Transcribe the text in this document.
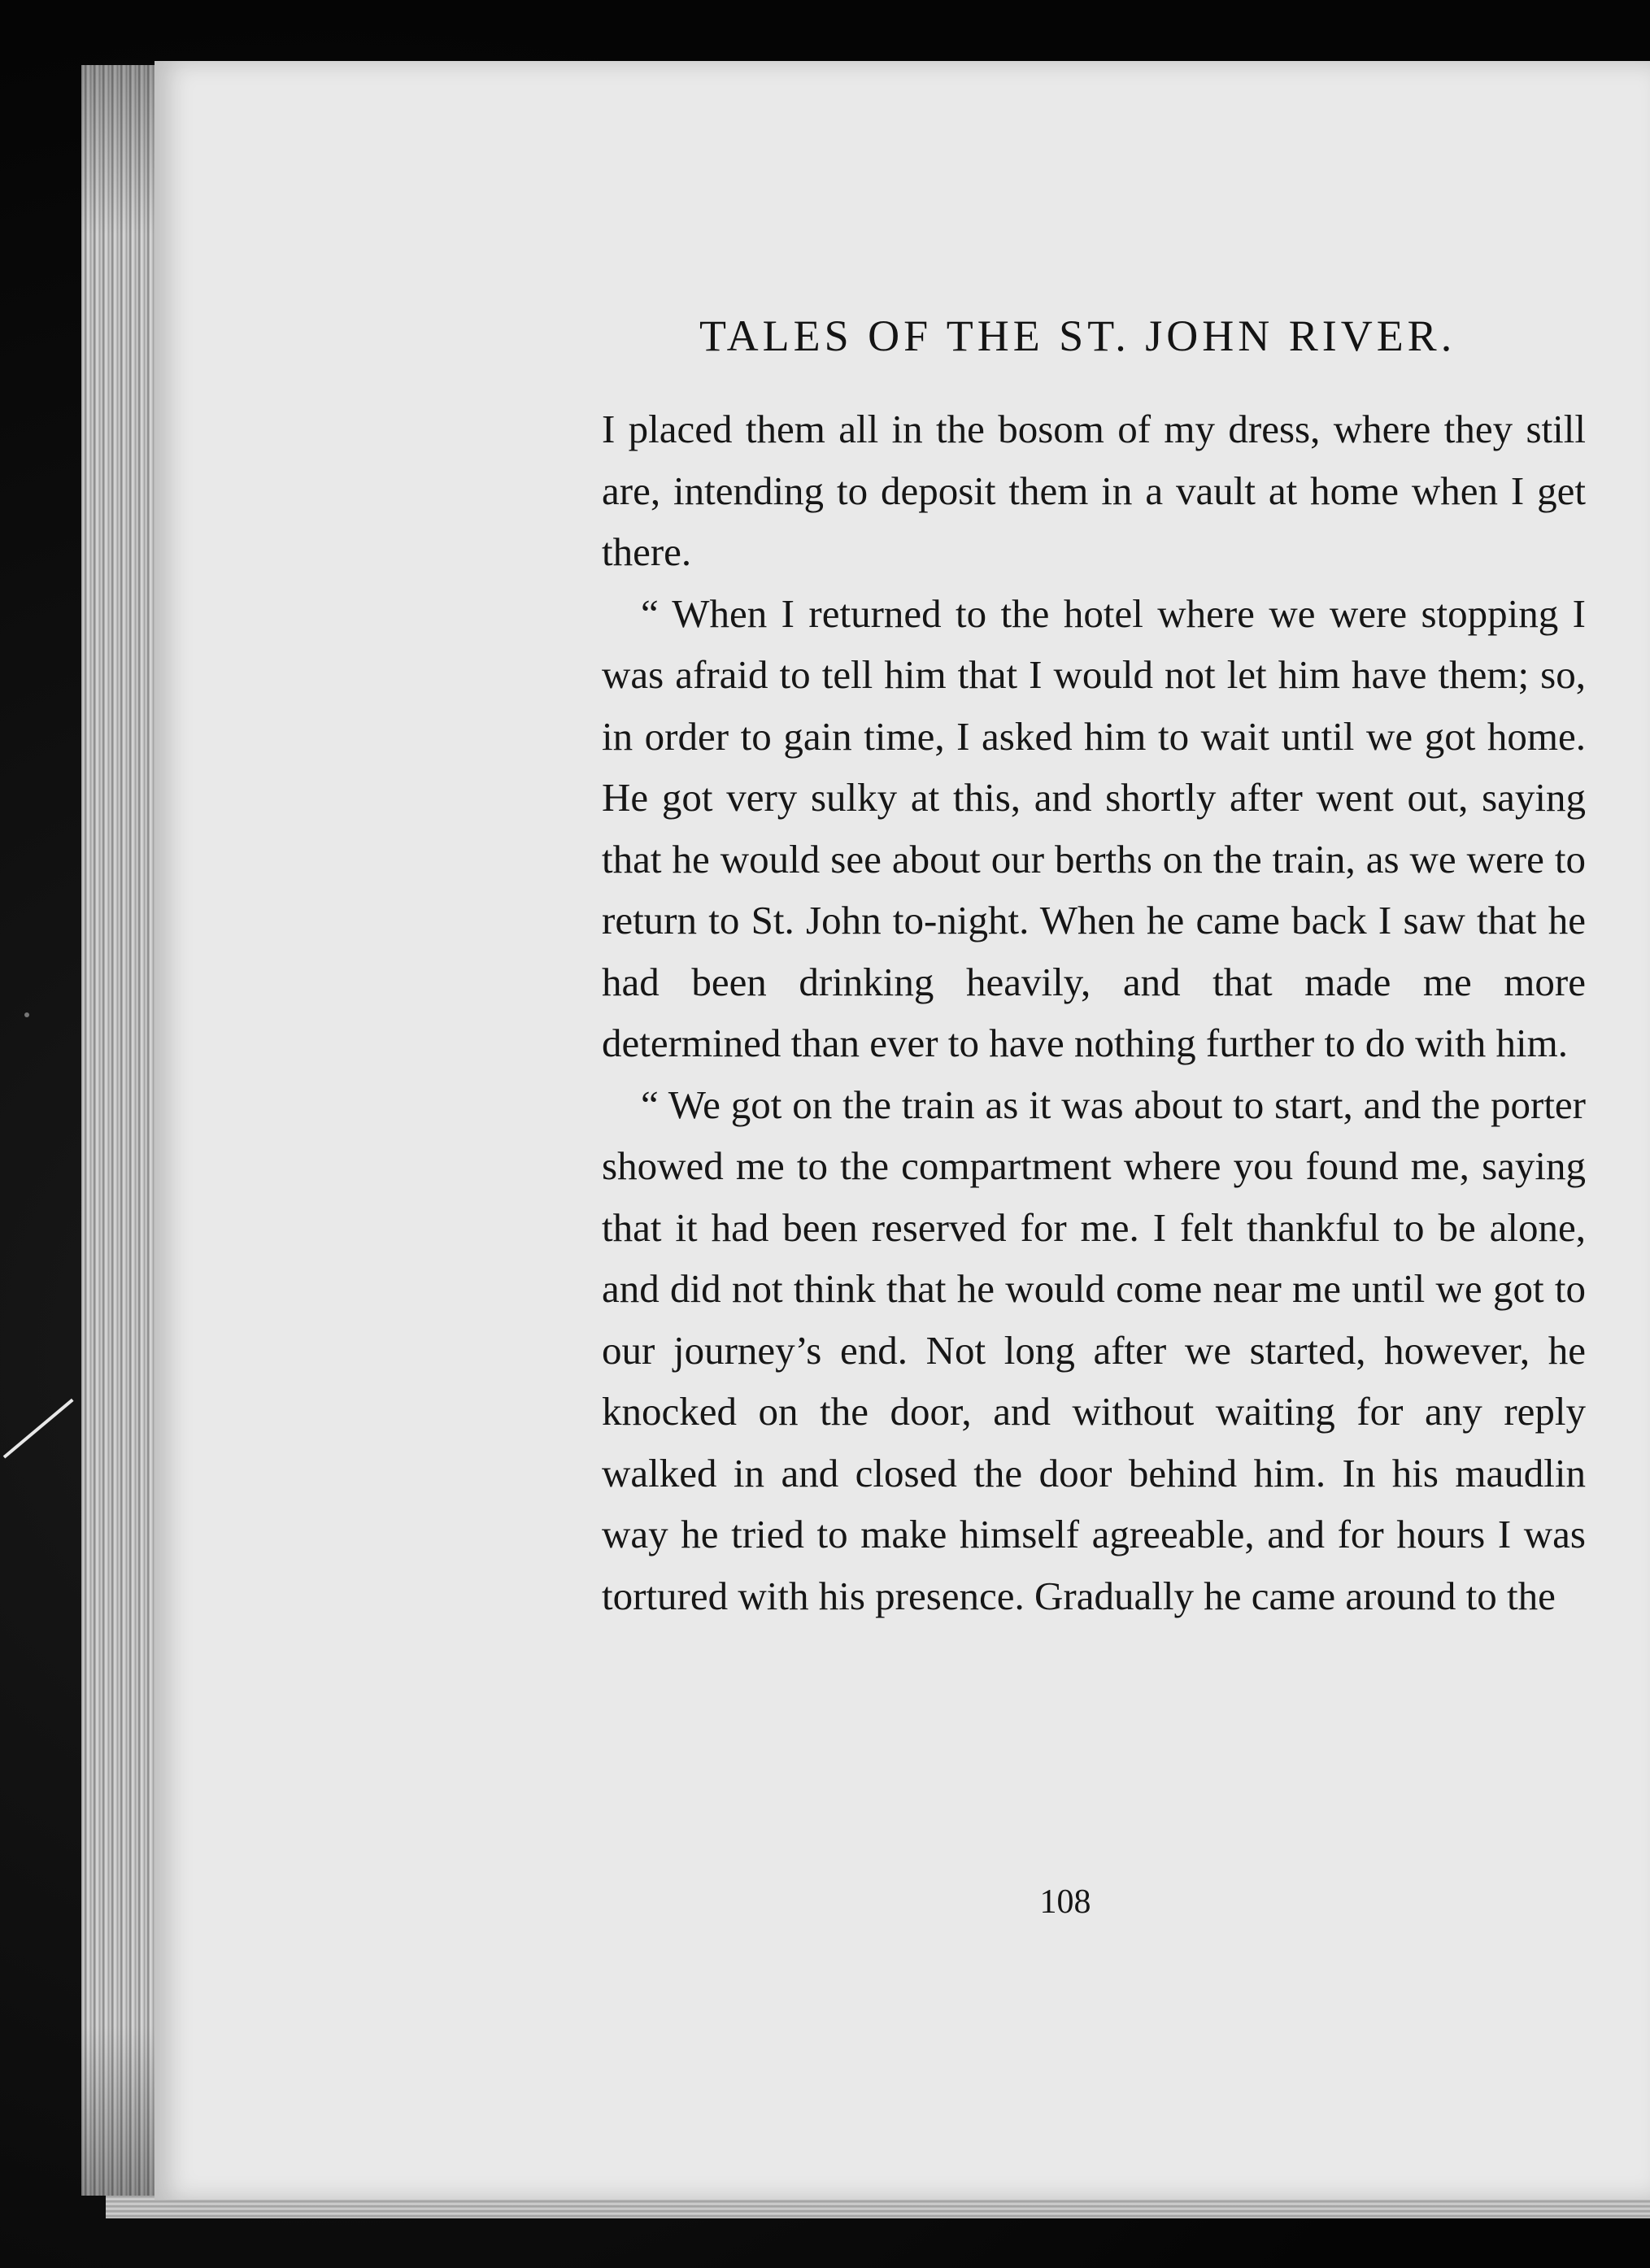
TALES OF THE ST. JOHN RIVER.

I placed them all in the bosom of my dress, where they still are, intending to deposit them in a vault at home when I get there.

“ When I returned to the hotel where we were stopping I was afraid to tell him that I would not let him have them; so, in order to gain time, I asked him to wait until we got home. He got very sulky at this, and shortly after went out, saying that he would see about our berths on the train, as we were to return to St. John to-night. When he came back I saw that he had been drinking heavily, and that made me more determined than ever to have nothing further to do with him.

“ We got on the train as it was about to start, and the porter showed me to the compartment where you found me, saying that it had been reserved for me. I felt thankful to be alone, and did not think that he would come near me until we got to our journey’s end. Not long after we started, however, he knocked on the door, and without waiting for any reply walked in and closed the door behind him. In his maudlin way he tried to make himself agreeable, and for hours I was tortured with his presence. Gradually he came around to the

108
